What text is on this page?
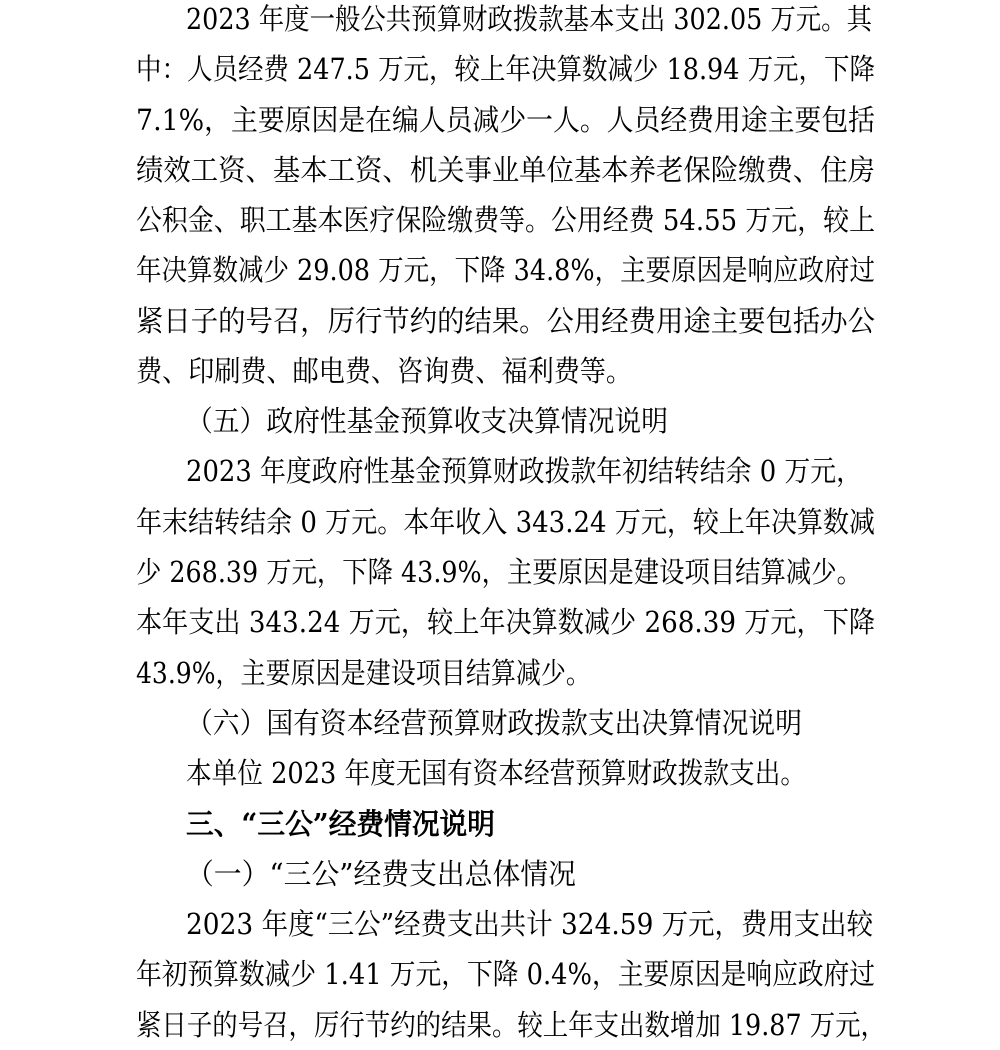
2023 年度一般公共预算财政拨款基本支出 302.05 万元。其
中：人员经费 247.5 万元，较上年决算数减少 18.94 万元，下降
7.1%，主要原因是在编人员减少一人。人员经费用途主要包括
绩效工资、基本工资、机关事业单位基本养老保险缴费、住房
公积金、职工基本医疗保险缴费等。公用经费 54.55 万元，较上
年决算数减少 29.08 万元，下降 34.8%，主要原因是响应政府过
紧日子的号召，厉行节约的结果。公用经费用途主要包括办公
费、印刷费、邮电费、咨询费、福利费等。
（五）政府性基金预算收支决算情况说明
2023 年度政府性基金预算财政拨款年初结转结余 0 万元，
年末结转结余 0 万元。本年收入 343.24 万元，较上年决算数减
少 268.39 万元，下降 43.9%，主要原因是建设项目结算减少。
本年支出 343.24 万元，较上年决算数减少 268.39 万元，下降
43.9%，主要原因是建设项目结算减少。
（六）国有资本经营预算财政拨款支出决算情况说明
本单位 2023 年度无国有资本经营预算财政拨款支出。
三、“三公”经费情况说明
（一）“三公”经费支出总体情况
2023 年度“三公”经费支出共计 324.59 万元，费用支出较
年初预算数减少 1.41 万元，下降 0.4%，主要原因是响应政府过
紧日子的号召，厉行节约的结果。较上年支出数增加 19.87 万元，
